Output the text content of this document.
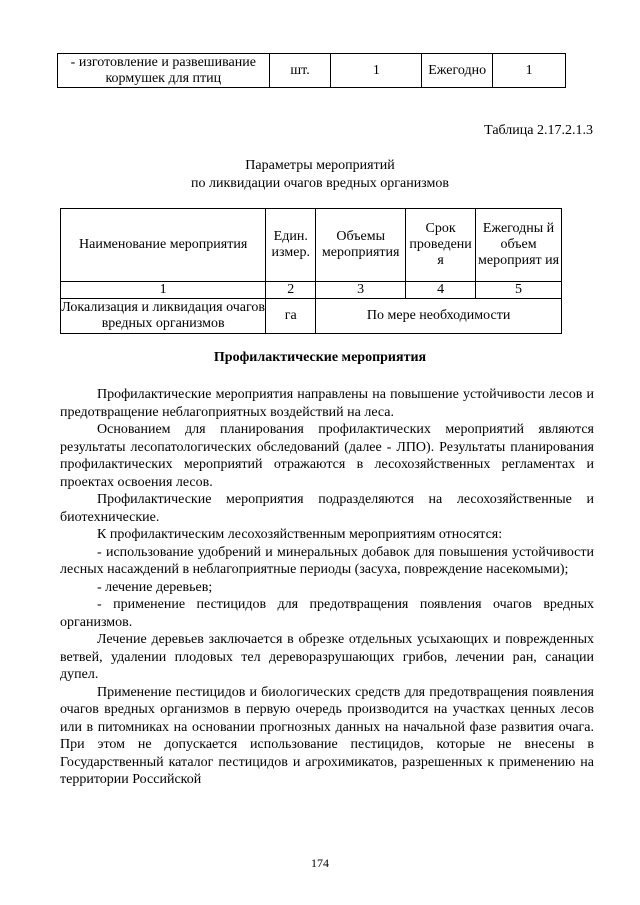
- изготовление и развешивание кормушек для птиц	шт.	1	Ежегодно	1
Таблица 2.17.2.1.3
Параметры мероприятий
по ликвидации очагов вредных организмов
Наименование мероприятия	Един. измер.	Объемы мероприятия	Срок проведени я	Ежегодны й объем мероприят ия
1	2	3	4	5
Локализация и ликвидация очагов вредных организмов	га	По мере необходимости		
Профилактические мероприятия

Профилактические мероприятия направлены на повышение устойчивости лесов и предотвращение неблагоприятных воздействий на леса.

Основанием для планирования профилактических мероприятий являются результаты лесопатологических обследований (далее - ЛПО). Результаты планирования профилактических мероприятий отражаются в лесохозяйственных регламентах и проектах освоения лесов.

Профилактические мероприятия подразделяются на лесохозяйственные и биотехнические.

К профилактическим лесохозяйственным мероприятиям относятся:

- использование удобрений и минеральных добавок для повышения устойчивости лесных насаждений в неблагоприятные периоды (засуха, повреждение насекомыми);

- лечение деревьев;

- применение пестицидов для предотвращения появления очагов вредных организмов.

Лечение деревьев заключается в обрезке отдельных усыхающих и поврежденных ветвей, удалении плодовых тел дереворазрушающих грибов, лечении ран, санации дупел.

Применение пестицидов и биологических средств для предотвращения появления очагов вредных организмов в первую очередь производится на участках ценных лесов или в питомниках на основании прогнозных данных на начальной фазе развития очага. При этом не допускается использование пестицидов, которые не внесены в Государственный каталог пестицидов и агрохимикатов, разрешенных к применению на территории Российской

174
